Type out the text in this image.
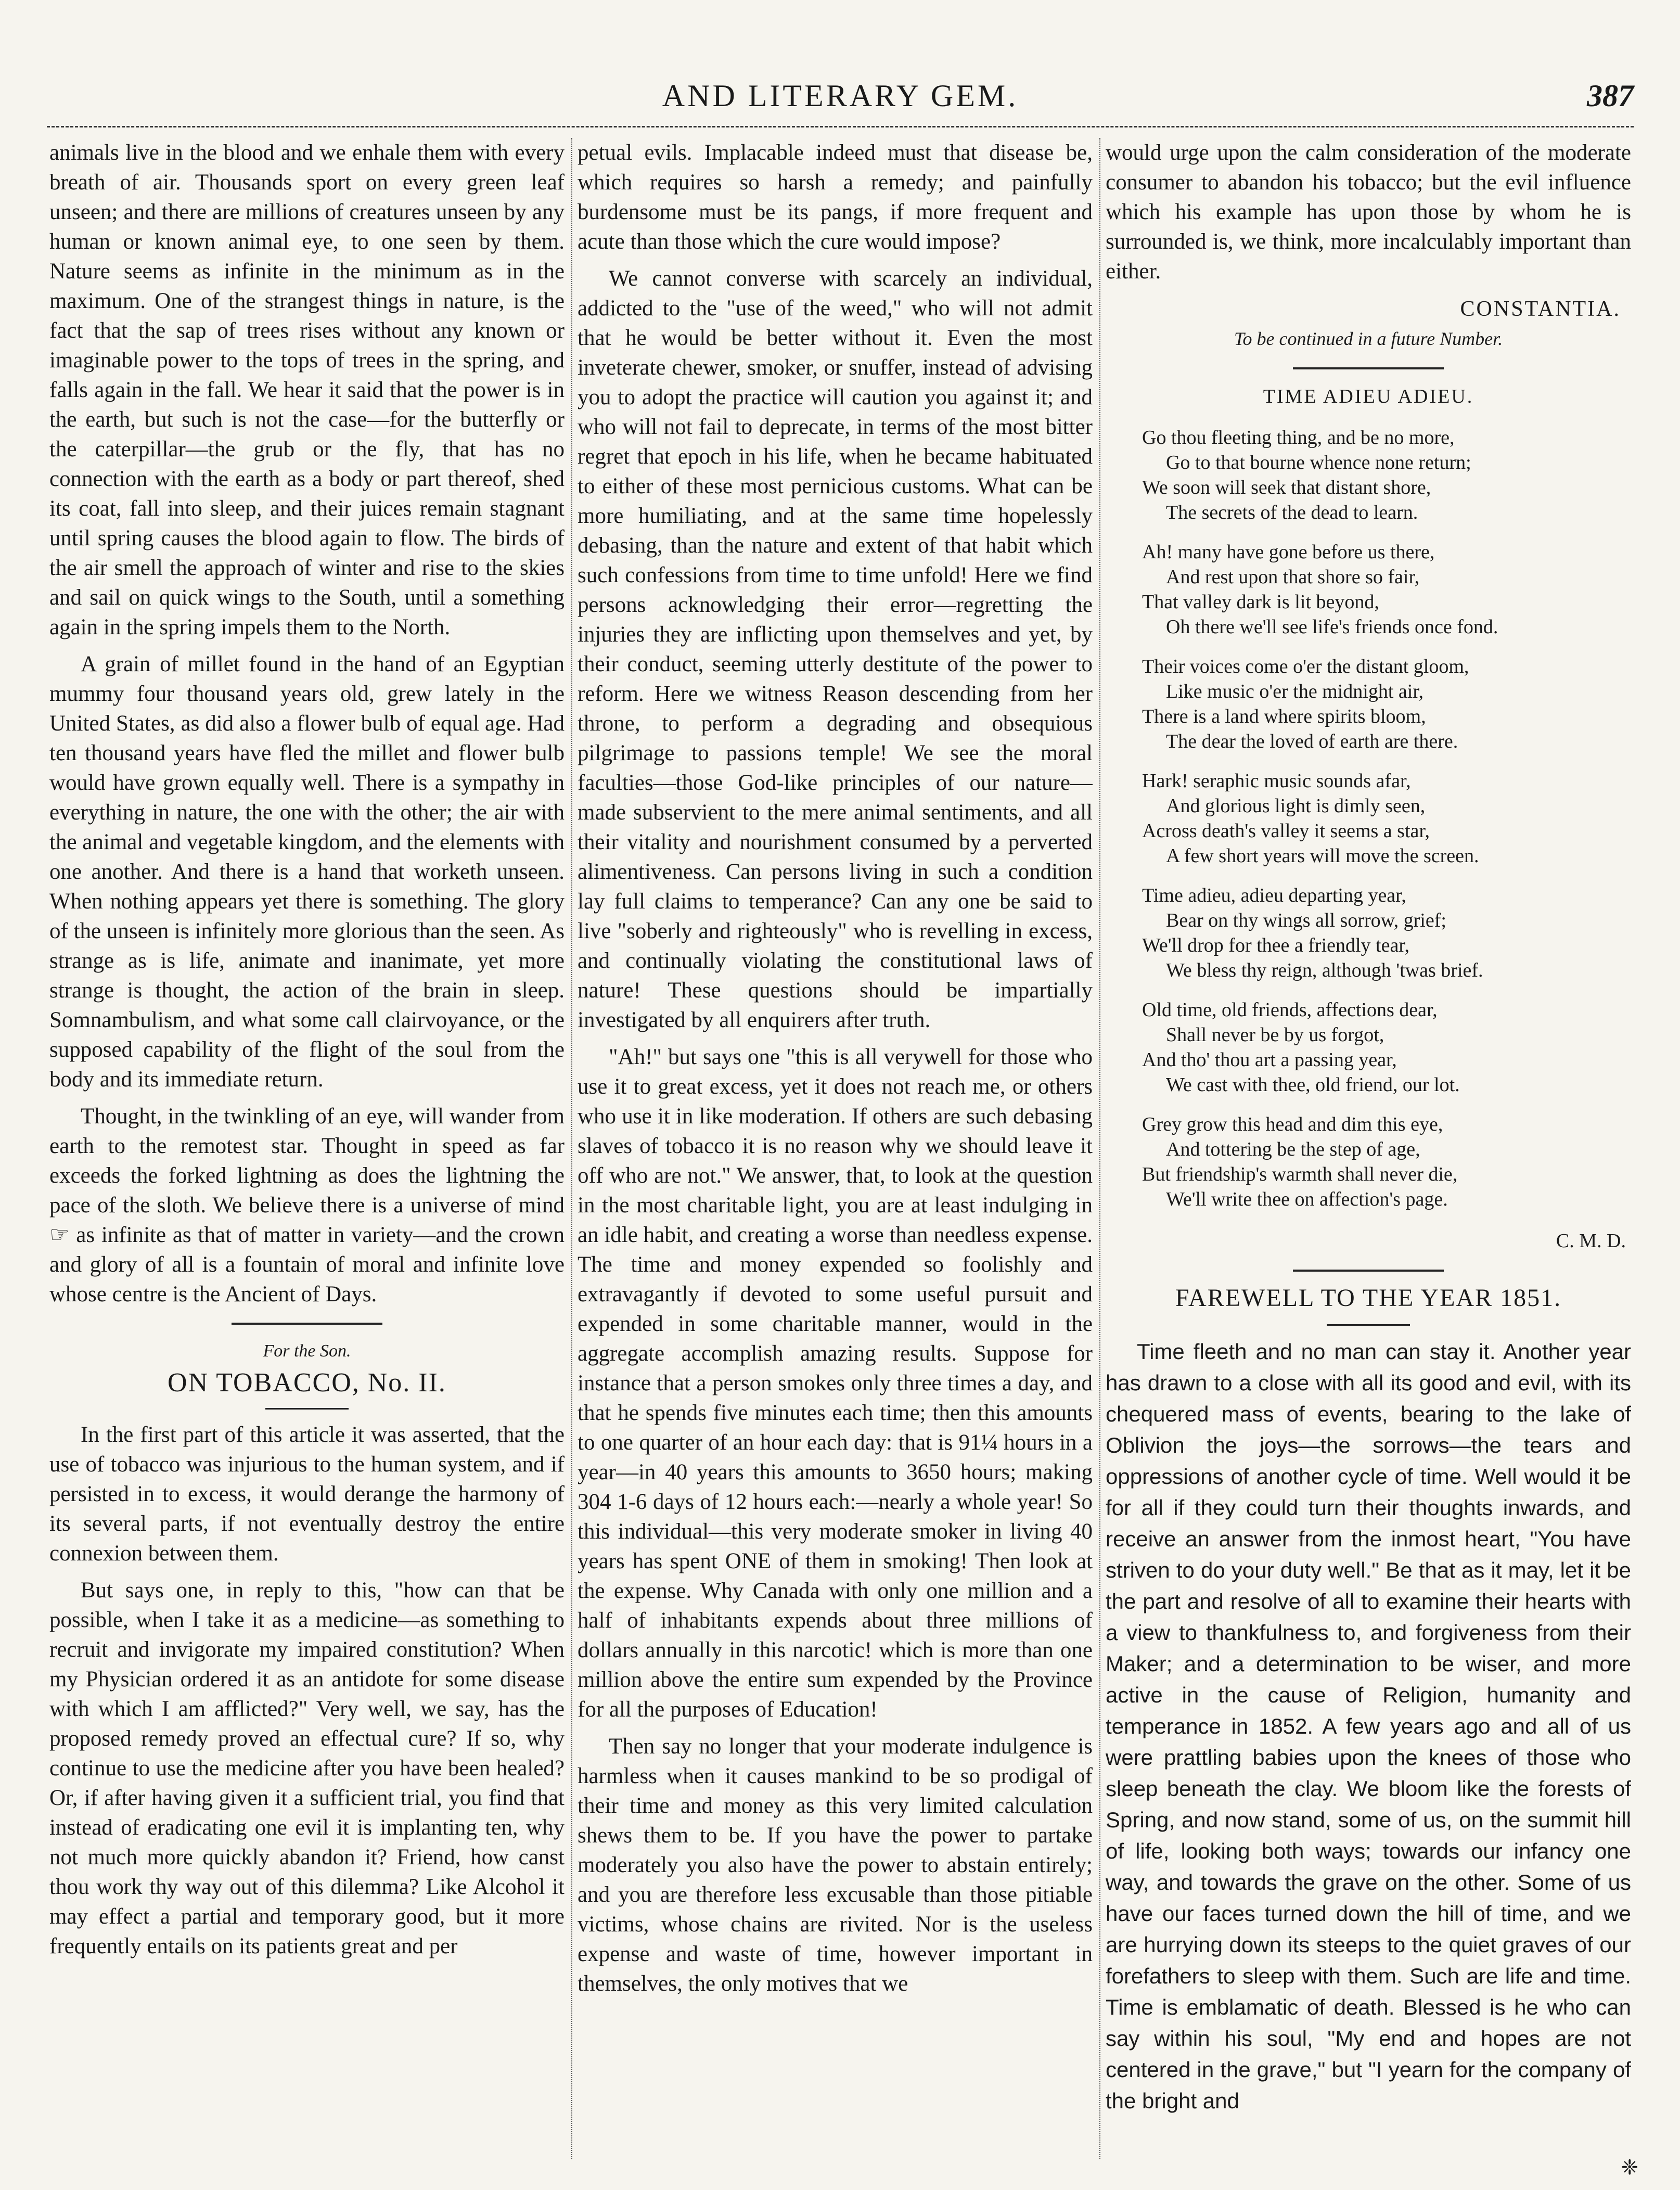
AND LITERARY GEM.	387

animals live in the blood and we enhale them with every breath of air. Thousands sport on every green leaf unseen; and there are millions of creatures unseen by any human or known animal eye, to one seen by them. Nature seems as infinite in the minimum as in the maximum. One of the strangest things in nature, is the fact that the sap of trees rises without any known or imaginable power to the tops of trees in the spring, and falls again in the fall. We hear it said that the power is in the earth, but such is not the case—for the butterfly or the caterpillar—the grub or the fly, that has no connection with the earth as a body or part thereof, shed its coat, fall into sleep, and their juices remain stagnant until spring causes the blood again to flow. The birds of the air smell the approach of winter and rise to the skies and sail on quick wings to the South, until a something again in the spring impels them to the North.

A grain of millet found in the hand of an Egyptian mummy four thousand years old, grew lately in the United States, as did also a flower bulb of equal age. Had ten thousand years have fled the millet and flower bulb would have grown equally well. There is a sympathy in everything in nature, the one with the other; the air with the animal and vegetable kingdom, and the elements with one another. And there is a hand that worketh unseen. When nothing appears yet there is something. The glory of the unseen is infinitely more glorious than the seen. As strange as is life, animate and inanimate, yet more strange is thought, the action of the brain in sleep. Somnambulism, and what some call clairvoyance, or the supposed capability of the flight of the soul from the body and its immediate return.

Thought, in the twinkling of an eye, will wander from earth to the remotest star. Thought in speed as far exceeds the forked lightning as does the lightning the pace of the sloth. We believe there is a universe of mind ☞ as infinite as that of matter in variety—and the crown and glory of all is a fountain of moral and infinite love whose centre is the Ancient of Days.

For the Son.
ON TOBACCO, No. II.

In the first part of this article it was asserted, that the use of tobacco was injurious to the human system, and if persisted in to excess, it would derange the harmony of its several parts, if not eventually destroy the entire connexion between them.

But says one, in reply to this, "how can that be possible, when I take it as a medicine—as something to recruit and invigorate my impaired constitution? When my Physician ordered it as an antidote for some disease with which I am afflicted?" Very well, we say, has the proposed remedy proved an effectual cure? If so, why continue to use the medicine after you have been healed? Or, if after having given it a sufficient trial, you find that instead of eradicating one evil it is implanting ten, why not much more quickly abandon it? Friend, how canst thou work thy way out of this dilemma? Like Alcohol it may effect a partial and temporary good, but it more frequently entails on its patients great and per

petual evils. Implacable indeed must that disease be, which requires so harsh a remedy; and painfully burdensome must be its pangs, if more frequent and acute than those which the cure would impose?

We cannot converse with scarcely an individual, addicted to the "use of the weed," who will not admit that he would be better without it. Even the most inveterate chewer, smoker, or snuffer, instead of advising you to adopt the practice will caution you against it; and who will not fail to deprecate, in terms of the most bitter regret that epoch in his life, when he became habituated to either of these most pernicious customs. What can be more humiliating, and at the same time hopelessly debasing, than the nature and extent of that habit which such confessions from time to time unfold! Here we find persons acknowledging their error—regretting the injuries they are inflicting upon themselves and yet, by their conduct, seeming utterly destitute of the power to reform. Here we witness Reason descending from her throne, to perform a degrading and obsequious pilgrimage to passions temple! We see the moral faculties—those God-like principles of our nature—made subservient to the mere animal sentiments, and all their vitality and nourishment consumed by a perverted alimentiveness. Can persons living in such a condition lay full claims to temperance? Can any one be said to live "soberly and righteously" who is revelling in excess, and continually violating the constitutional laws of nature! These questions should be impartially investigated by all enquirers after truth.

"Ah!" but says one "this is all verywell for those who use it to great excess, yet it does not reach me, or others who use it in like moderation. If others are such debasing slaves of tobacco it is no reason why we should leave it off who are not." We answer, that, to look at the question in the most charitable light, you are at least indulging in an idle habit, and creating a worse than needless expense. The time and money expended so foolishly and extravagantly if devoted to some useful pursuit and expended in some charitable manner, would in the aggregate accomplish amazing results. Suppose for instance that a person smokes only three times a day, and that he spends five minutes each time; then this amounts to one quarter of an hour each day: that is 91¼ hours in a year—in 40 years this amounts to 3650 hours; making 304 1-6 days of 12 hours each:—nearly a whole year! So this individual—this very moderate smoker in living 40 years has spent ONE of them in smoking! Then look at the expense. Why Canada with only one million and a half of inhabitants expends about three millions of dollars annually in this narcotic! which is more than one million above the entire sum expended by the Province for all the purposes of Education!

Then say no longer that your moderate indulgence is harmless when it causes mankind to be so prodigal of their time and money as this very limited calculation shews them to be. If you have the power to partake moderately you also have the power to abstain entirely; and you are therefore less excusable than those pitiable victims, whose chains are rivited. Nor is the useless expense and waste of time, however important in themselves, the only motives that we

would urge upon the calm consideration of the moderate consumer to abandon his tobacco; but the evil influence which his example has upon those by whom he is surrounded is, we think, more incalculably important than either.

CONSTANTIA.
To be continued in a future Number.
TIME ADIEU ADIEU.
Go thou fleeting thing, and be no more,
Go to that bourne whence none return;
We soon will seek that distant shore,
The secrets of the dead to learn.
Ah! many have gone before us there,
And rest upon that shore so fair,
That valley dark is lit beyond,
Oh there we'll see life's friends once fond.
Their voices come o'er the distant gloom,
Like music o'er the midnight air,
There is a land where spirits bloom,
The dear the loved of earth are there.
Hark! seraphic music sounds afar,
And glorious light is dimly seen,
Across death's valley it seems a star,
A few short years will move the screen.
Time adieu, adieu departing year,
Bear on thy wings all sorrow, grief;
We'll drop for thee a friendly tear,
We bless thy reign, although 'twas brief.
Old time, old friends, affections dear,
Shall never be by us forgot,
And tho' thou art a passing year,
We cast with thee, old friend, our lot.
Grey grow this head and dim this eye,
And tottering be the step of age,
But friendship's warmth shall never die,
We'll write thee on affection's page.
C. M. D.
FAREWELL TO THE YEAR 1851.

Time fleeth and no man can stay it. Another year has drawn to a close with all its good and evil, with its chequered mass of events, bearing to the lake of Oblivion the joys—the sorrows—the tears and oppressions of another cycle of time. Well would it be for all if they could turn their thoughts inwards, and receive an answer from the inmost heart, "You have striven to do your duty well." Be that as it may, let it be the part and resolve of all to examine their hearts with a view to thankfulness to, and forgiveness from their Maker; and a determination to be wiser, and more active in the cause of Religion, humanity and temperance in 1852. A few years ago and all of us were prattling babies upon the knees of those who sleep beneath the clay. We bloom like the forests of Spring, and now stand, some of us, on the summit hill of life, looking both ways; towards our infancy one way, and towards the grave on the other. Some of us have our faces turned down the hill of time, and we are hurrying down its steeps to the quiet graves of our forefathers to sleep with them. Such are life and time. Time is emblamatic of death. Blessed is he who can say within his soul, "My end and hopes are not centered in the grave," but "I yearn for the company of the bright and

❈
